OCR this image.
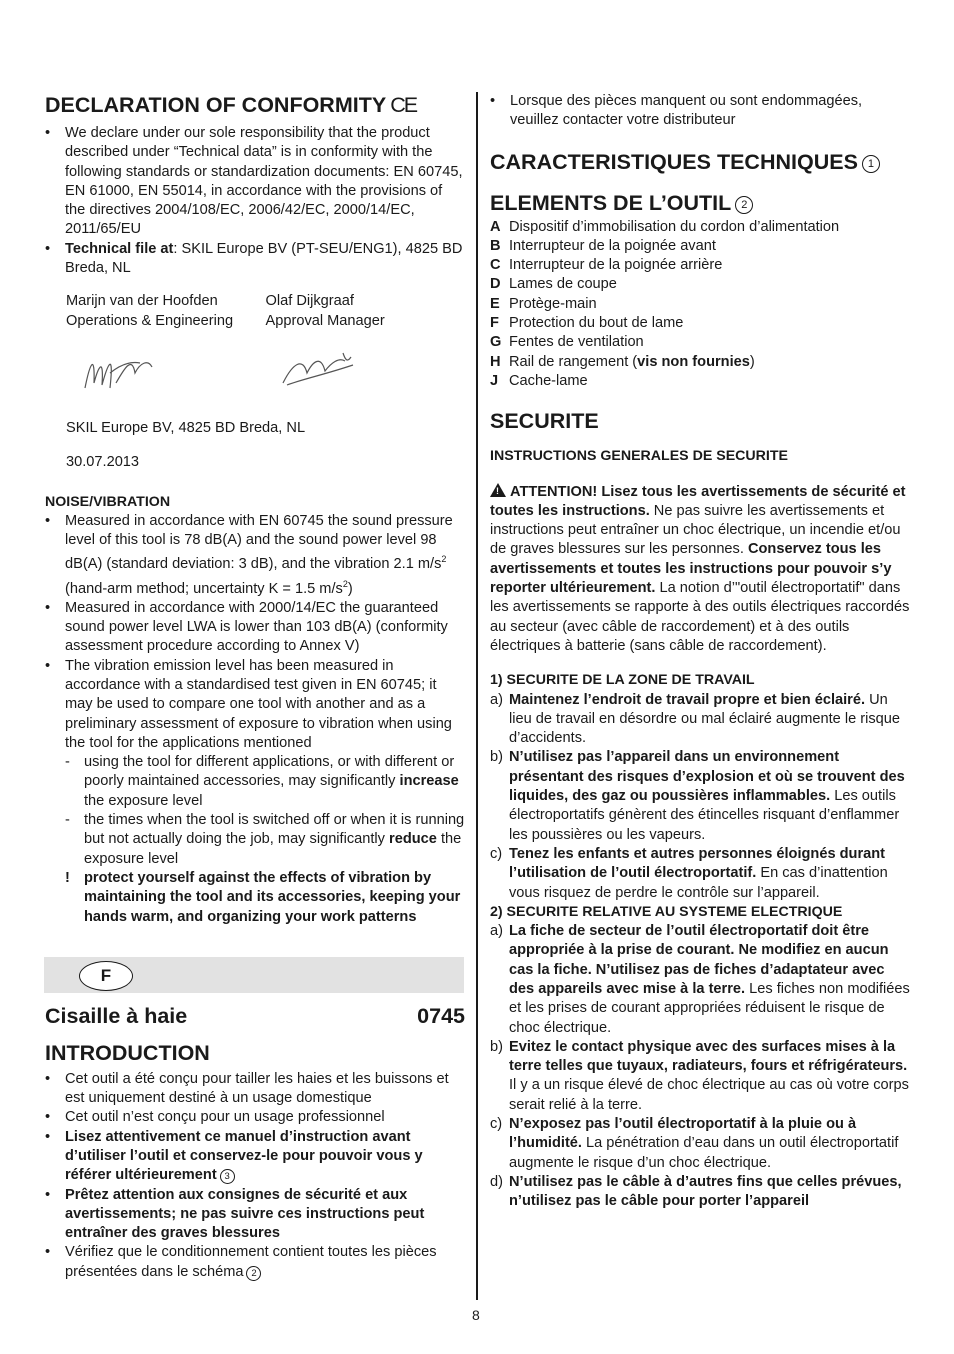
DECLARATION OF CONFORMITY CE
• We declare under our sole responsibility that the product described under “Technical data” is in conformity with the following standards or standardization documents: EN 60745, EN 61000, EN 55014, in accordance with the provisions of the directives 2004/108/EC, 2006/42/EC, 2000/14/EC, 2011/65/EU
• Technical file at: SKIL Europe BV (PT-SEU/ENG1), 4825 BD Breda, NL
Marijn van der Hoofden
Operations & Engineering
Olaf Dijkgraaf
Approval Manager
SKIL Europe BV, 4825 BD Breda, NL
30.07.2013
NOISE/VIBRATION
• Measured in accordance with EN 60745 the sound pressure level of this tool is 78 dB(A) and the sound power level 98 dB(A) (standard deviation: 3 dB), and the vibration 2.1 $m/s^2$ (hand-arm method; uncertainty K = 1.5 $m/s^2$)
• Measured in accordance with 2000/14/EC the guaranteed sound power level LWA is lower than 103 dB(A) (conformity assessment procedure according to Annex V)
• The vibration emission level has been measured in accordance with a standardised test given in EN 60745; it may be used to compare one tool with another and as a preliminary assessment of exposure to vibration when using the tool for the applications mentioned
- using the tool for different applications, or with different or poorly maintained accessories, may significantly increase the exposure level
- the times when the tool is switched off or when it is running but not actually doing the job, may significantly reduce the exposure level
! protect yourself against the effects of vibration by maintaining the tool and its accessories, keeping your hands warm, and organizing your work patterns
F
Cisaille à haie	0745
INTRODUCTION
• Cet outil a été conçu pour tailler les haies et les buissons et est uniquement destiné à un usage domestique
• Cet outil n’est conçu pour un usage professionnel
• Lisez attentivement ce manuel d’instruction avant d’utiliser l’outil et conservez-le pour pouvoir vous y référer ultérieurement 3
• Prêtez attention aux consignes de sécurité et aux avertissements; ne pas suivre ces instructions peut entraîner des graves blessures
• Vérifiez que le conditionnement contient toutes les pièces présentées dans le schéma 2
• Lorsque des pièces manquent ou sont endommagées, veuillez contacter votre distributeur
CARACTERISTIQUES TECHNIQUES 1
ELEMENTS DE L’OUTIL 2
A Dispositif d’immobilisation du cordon d’alimentation
B Interrupteur de la poignée avant
C Interrupteur de la poignée arrière
D Lames de coupe
E Protège-main
F Protection du bout de lame
G Fentes de ventilation
H Rail de rangement (vis non fournies)
J Cache-lame
SECURITE
INSTRUCTIONS GENERALES DE SECURITE

!ATTENTION! Lisez tous les avertissements de sécurité et toutes les instructions. Ne pas suivre les avertissements et instructions peut entraîner un choc électrique, un incendie et/ou de graves blessures sur les personnes. Conservez tous les avertissements et toutes les instructions pour pouvoir s’y reporter ultérieurement. La notion d’"outil électroportatif" dans les avertissements se rapporte à des outils électriques raccordés au secteur (avec câble de raccordement) et à des outils électriques à batterie (sans câble de raccordement).

1) SECURITE DE LA ZONE DE TRAVAIL
a) Maintenez l’endroit de travail propre et bien éclairé. Un lieu de travail en désordre ou mal éclairé augmente le risque d’accidents.
b) N’utilisez pas l’appareil dans un environnement présentant des risques d’explosion et où se trouvent des liquides, des gaz ou poussières inflammables. Les outils électroportatifs génèrent des étincelles risquant d’enflammer les poussières ou les vapeurs.
c) Tenez les enfants et autres personnes éloignés durant l’utilisation de l’outil électroportatif. En cas d’inattention vous risquez de perdre le contrôle sur l’appareil.
2) SECURITE RELATIVE AU SYSTEME ELECTRIQUE
a) La fiche de secteur de l’outil électroportatif doit être appropriée à la prise de courant. Ne modifiez en aucun cas la fiche. N’utilisez pas de fiches d’adaptateur avec des appareils avec mise à la terre. Les fiches non modifiées et les prises de courant appropriées réduisent le risque de choc électrique.
b) Evitez le contact physique avec des surfaces mises à la terre telles que tuyaux, radiateurs, fours et réfrigérateurs. Il y a un risque élevé de choc électrique au cas où votre corps serait relié à la terre.
c) N’exposez pas l’outil électroportatif à la pluie ou à l’humidité. La pénétration d’eau dans un outil électroportatif augmente le risque d’un choc électrique.
d) N’utilisez pas le câble à d’autres fins que celles prévues, n’utilisez pas le câble pour porter l’appareil
8
